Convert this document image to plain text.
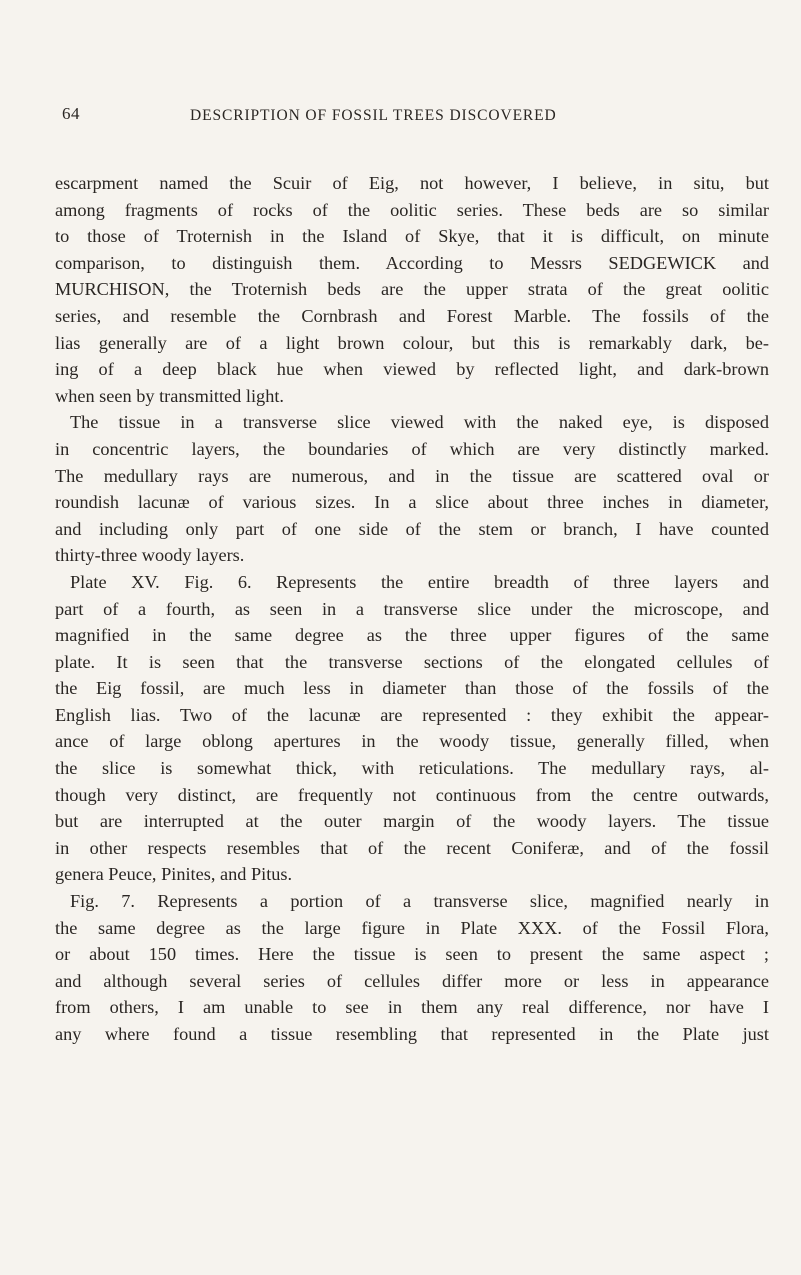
64	DESCRIPTION OF FOSSIL TREES DISCOVERED
escarpment named the Scuir of Eig, not however, I believe, in situ, but
among fragments of rocks of the oolitic series. These beds are so similar
to those of Troternish in the Island of Skye, that it is difficult, on minute
comparison, to distinguish them. According to Messrs SEDGEWICK and
MURCHISON, the Troternish beds are the upper strata of the great oolitic
series, and resemble the Cornbrash and Forest Marble. The fossils of the
lias generally are of a light brown colour, but this is remarkably dark, be-
ing of a deep black hue when viewed by reflected light, and dark-brown
when seen by transmitted light.
The tissue in a transverse slice viewed with the naked eye, is disposed
in concentric layers, the boundaries of which are very distinctly marked.
The medullary rays are numerous, and in the tissue are scattered oval or
roundish lacunæ of various sizes. In a slice about three inches in diameter,
and including only part of one side of the stem or branch, I have counted
thirty-three woody layers.
Plate XV. Fig. 6. Represents the entire breadth of three layers and
part of a fourth, as seen in a transverse slice under the microscope, and
magnified in the same degree as the three upper figures of the same
plate. It is seen that the transverse sections of the elongated cellules of
the Eig fossil, are much less in diameter than those of the fossils of the
English lias. Two of the lacunæ are represented : they exhibit the appear-
ance of large oblong apertures in the woody tissue, generally filled, when
the slice is somewhat thick, with reticulations. The medullary rays, al-
though very distinct, are frequently not continuous from the centre outwards,
but are interrupted at the outer margin of the woody layers. The tissue
in other respects resembles that of the recent Coniferæ, and of the fossil
genera Peuce, Pinites, and Pitus.
Fig. 7. Represents a portion of a transverse slice, magnified nearly in
the same degree as the large figure in Plate XXX. of the Fossil Flora,
or about 150 times. Here the tissue is seen to present the same aspect ;
and although several series of cellules differ more or less in appearance
from others, I am unable to see in them any real difference, nor have I
any where found a tissue resembling that represented in the Plate just
